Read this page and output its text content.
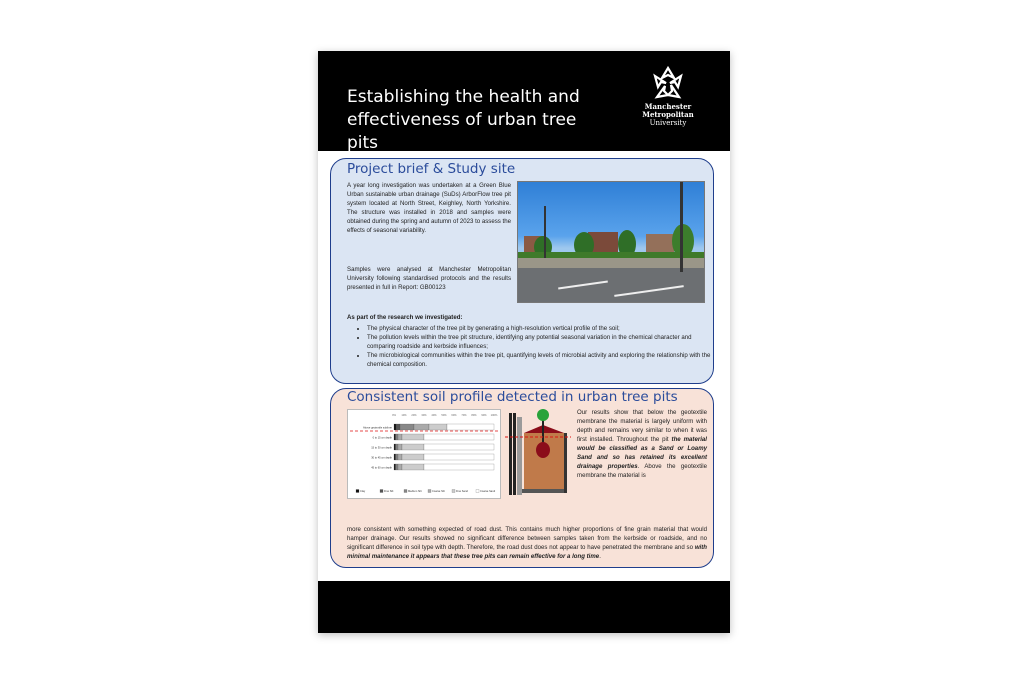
Establishing the health and
effectiveness of urban tree pits
Manchester
Metropolitan
University
Project brief & Study site
A year long investigation was undertaken at a Green Blue Urban sustainable urban drainage (SuDs) ArborFlow tree pit system located at North Street, Keighley, North Yorkshire. The structure was installed in 2018 and samples were obtained during the spring and autumn of 2023 to assess the effects of seasonal variability.
Samples were analysed at Manchester Metropolitan University following standardised protocols and the results presented in full in Report: GB00123
As part of the research we investigated:
• The physical character of the tree pit by generating a high-resolution vertical profile of the soil;
• The pollution levels within the tree pit structure, identifying any potential seasonal variation in the chemical character and comparing roadside and kerbside influences;
• The microbiological communities within the tree pit, quantifying levels of microbial activity and exploring the relationship with the chemical composition.
Consistent soil profile detected in urban tree pits
0% 10% 20% 30% 40% 50% 60% 70% 80% 90% 100%
Above geotextile subliner
0 to 15 cm depth
15 to 30 cm depth
30 to 45 cm depth
45 to 60 cm depth
Clay	Fine Silt	Medium Silt	Coarse Silt	Fine Sand	Coarse Sand
Our results show that below the geotextile membrane the material is largely uniform with depth and remains very similar to when it was first installed. Throughout the pit the material would be classified as a Sand or Loamy Sand and so has retained its excellent drainage properties. Above the geotextile membrane the material is
more consistent with something expected of road dust. This contains much higher proportions of fine grain material that would hamper drainage. Our results showed no significant difference between samples taken from the kerbside or roadside, and no significant difference in soil type with depth. Therefore, the road dust does not appear to have penetrated the membrane and so with minimal maintenance it appears that these tree pits can remain effective for a long time.
